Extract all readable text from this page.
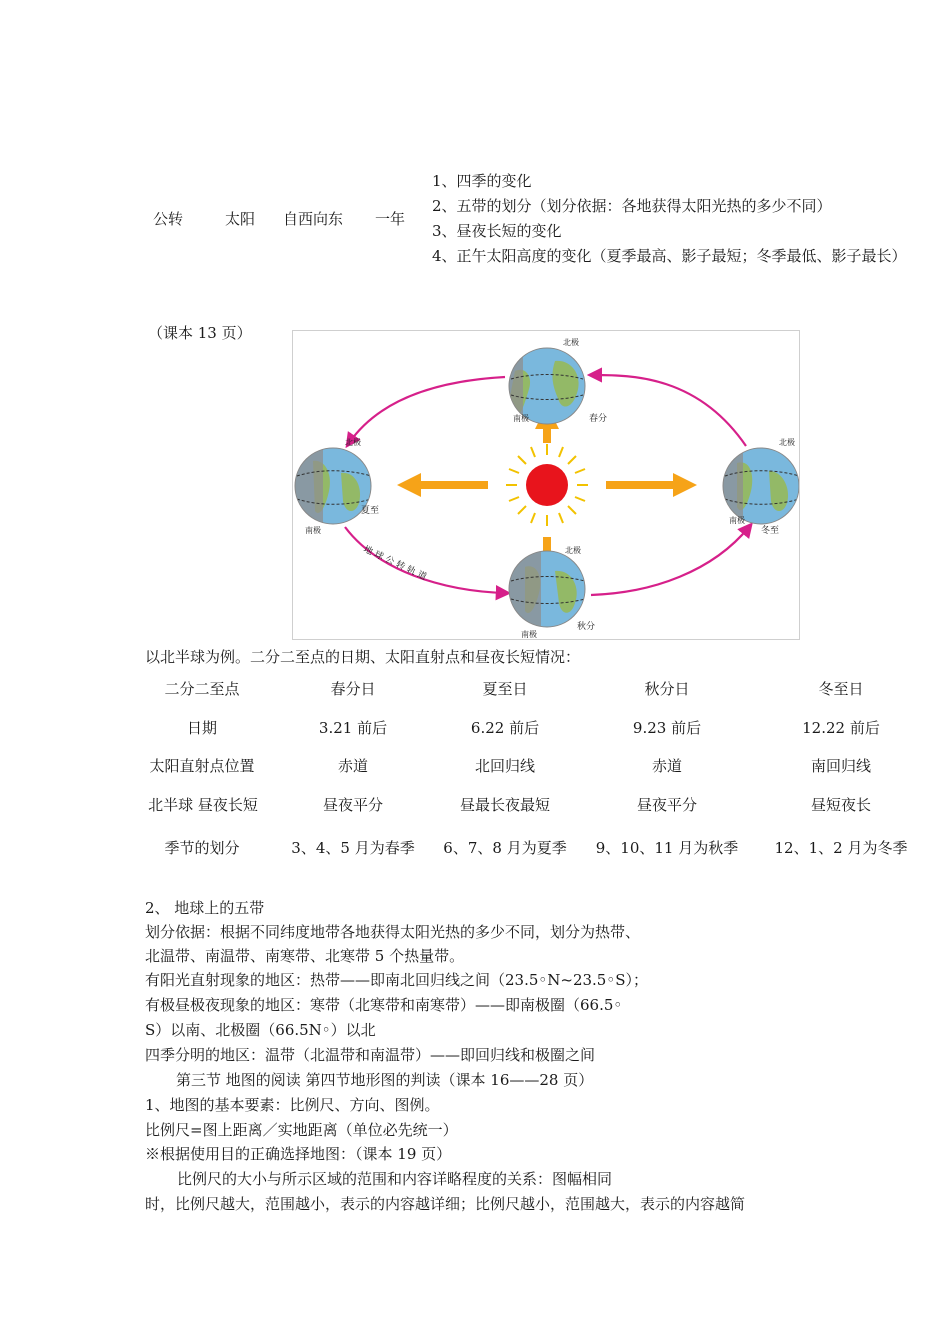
公转	太阳 自西向东 一年
1、四季的变化
2、五带的划分（划分依据：各地获得太阳光热的多少不同）
3、昼夜长短的变化
4、正午太阳高度的变化（夏季最高、影子最短；冬季最低、影子最长）
（课本 13 页）
地 球 公 转 轨 道
北极
南极	春分
北极
南极
夏至
北极
南极
冬至
北极
南极
秋分
以北半球为例。二分二至点的日期、太阳直射点和昼夜长短情况：
二分二至点	春分日	夏至日	秋分日	冬至日
日期	3.21 前后	6.22 前后	9.23 前后	12.22 前后
太阳直射点位置	赤道	北回归线	赤道	南回归线
北半球 昼夜长短	昼夜平分	昼最长夜最短	昼夜平分	昼短夜长
季节的划分	3、4、5 月为春季	6、7、8 月为夏季	9、10、11 月为秋季	12、1、2 月为冬季
2、 地球上的五带
划分依据：根据不同纬度地带各地获得太阳光热的多少不同，划分为热带、
北温带、南温带、南寒带、北寒带 5 个热量带。
有阳光直射现象的地区：热带——即南北回归线之间（23.5◦N~23.5◦S）；
有极昼极夜现象的地区：寒带（北寒带和南寒带）——即南极圈（66.5◦
S）以南、北极圈（66.5N◦）以北
四季分明的地区：温带（北温带和南温带）——即回归线和极圈之间
第三节 地图的阅读 第四节地形图的判读（课本 16——28 页）
1、地图的基本要素：比例尺、方向、图例。
比例尺=图上距离／实地距离（单位必先统一）
※根据使用目的正确选择地图：（课本 19 页）
比例尺的大小与所示区域的范围和内容详略程度的关系：图幅相同
时，比例尺越大，范围越小，表示的内容越详细；比例尺越小，范围越大，表示的内容越简
